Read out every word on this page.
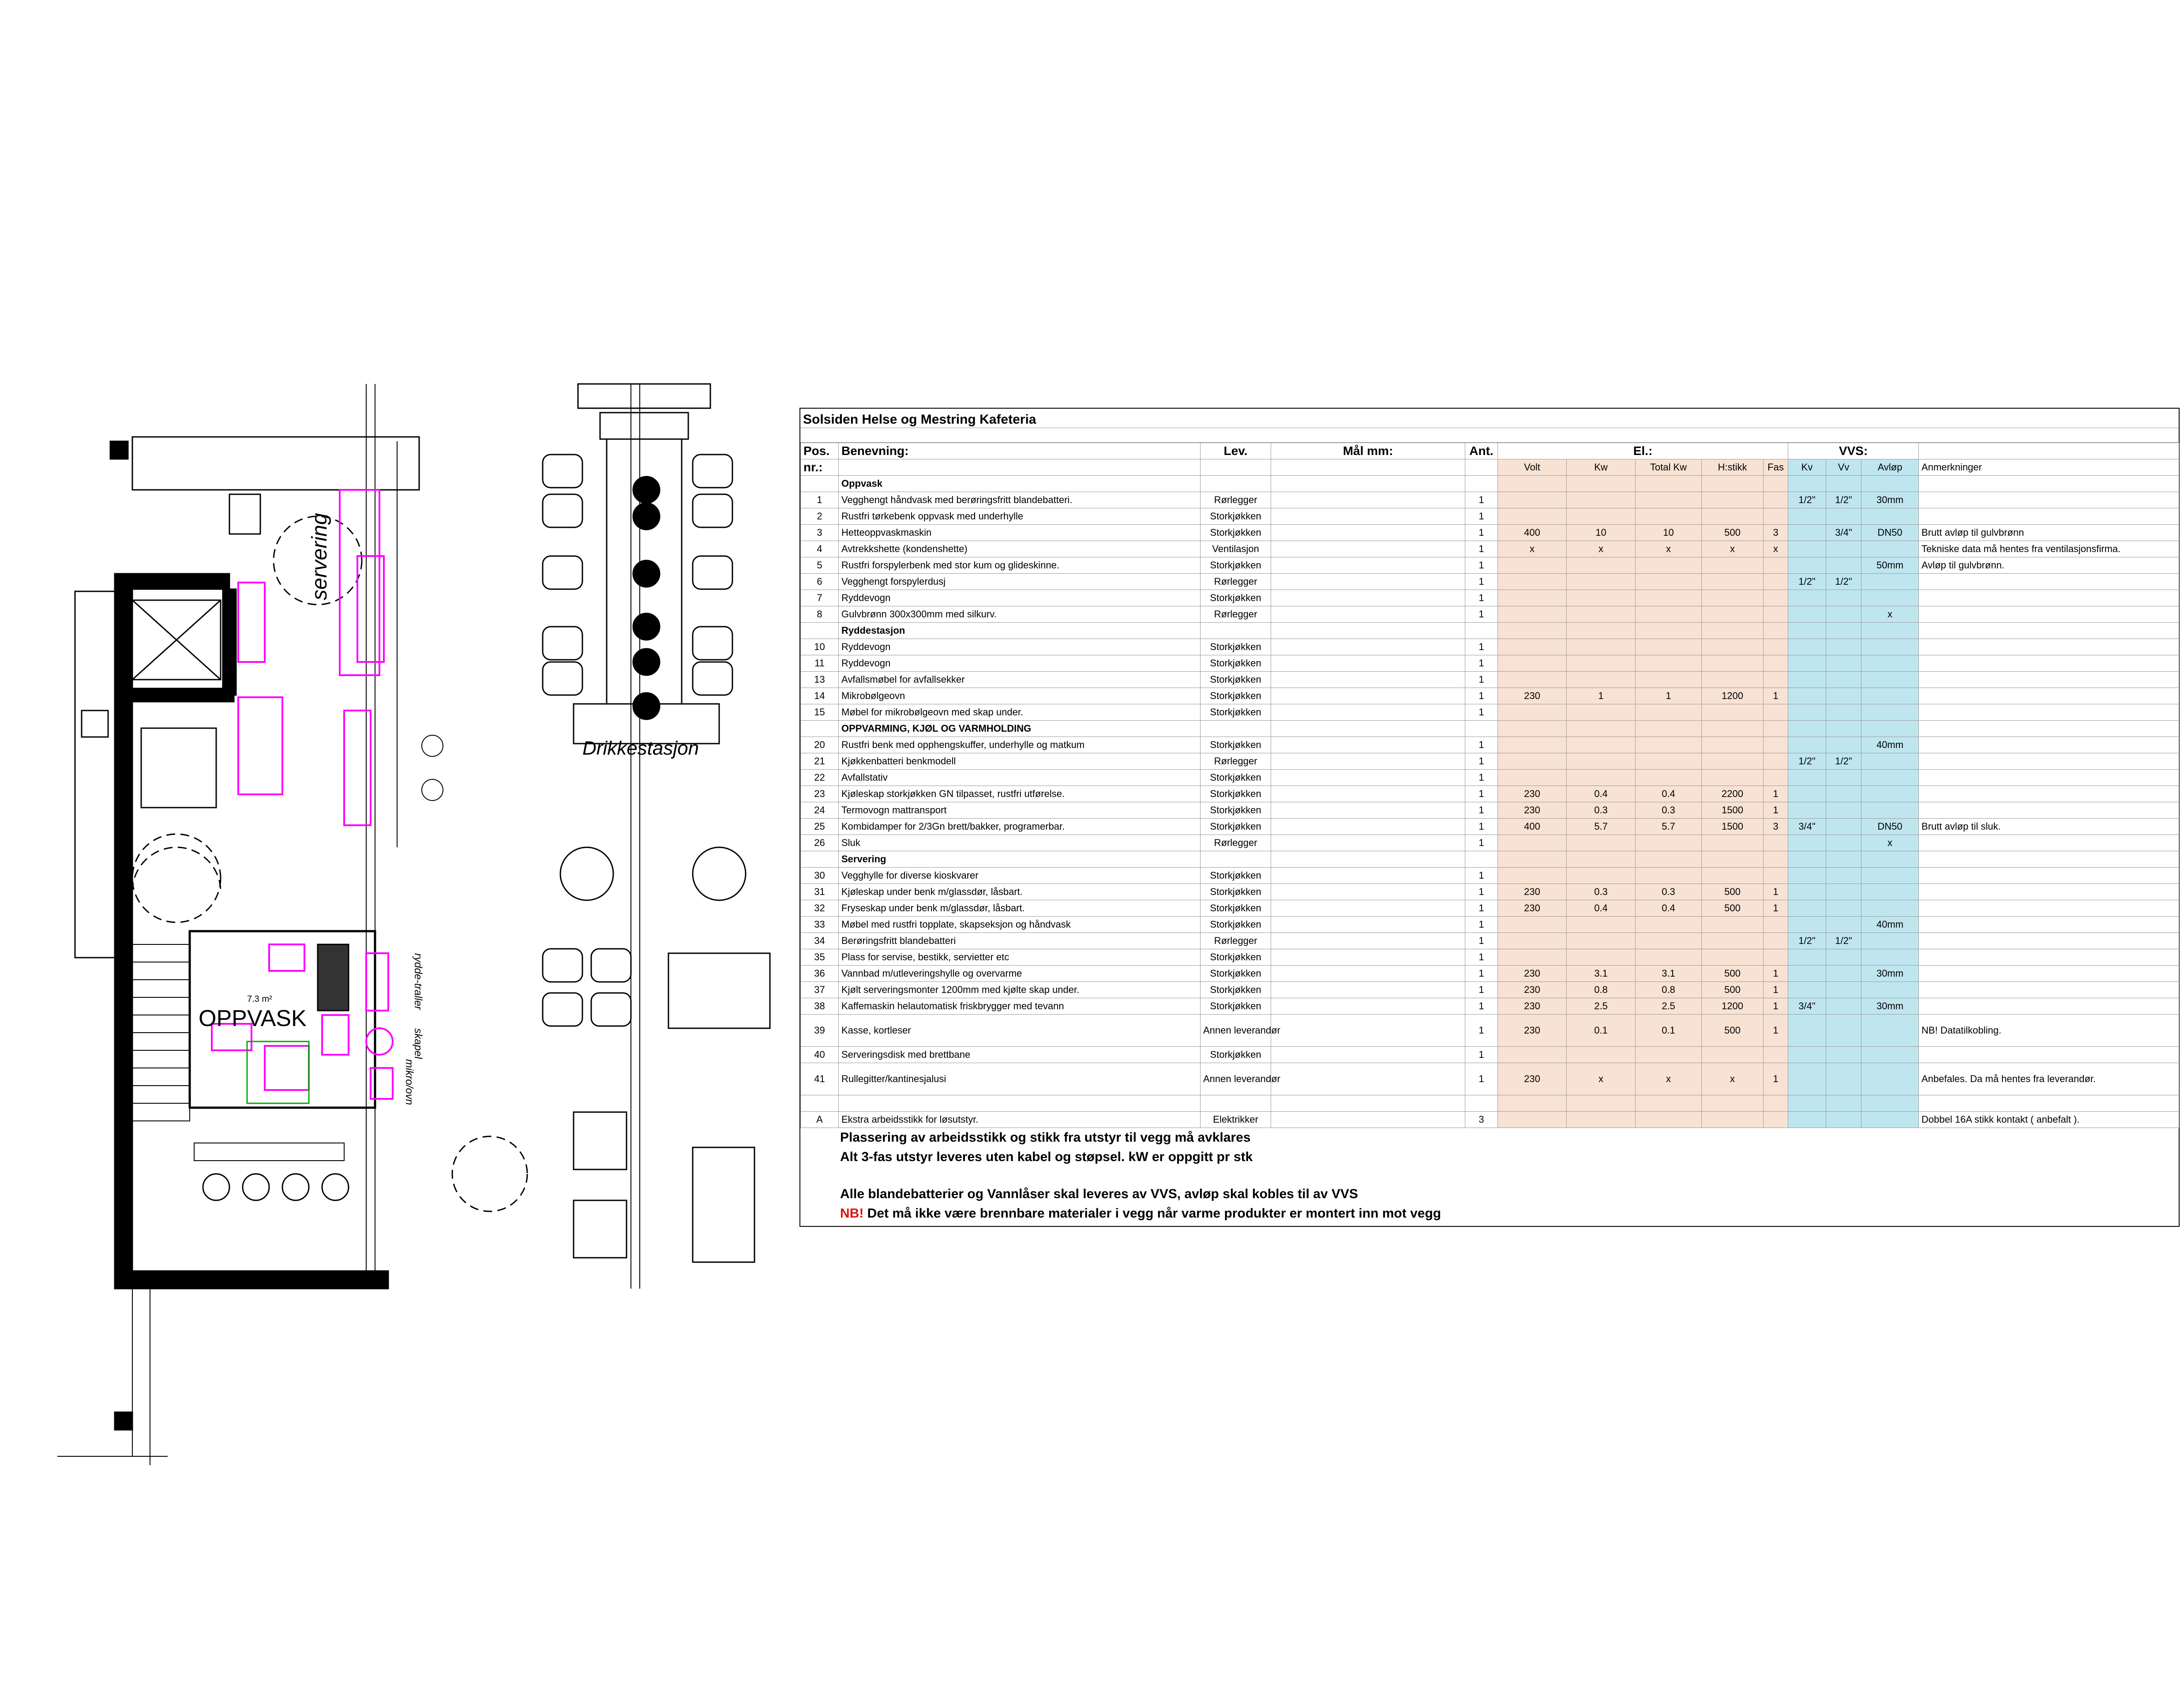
servering
OPPVASK
7.3 m²
Drikkestasjon
rydde-traller
skapel
mikro/ovn
Solsiden Helse og Mestring Kafeteria
Pos.	Benevning:	Lev.	Mål mm:	Ant.	El.:					VVS:			
nr.:					Volt	Kw	Total Kw	H:stikk	Fas	Kv	Vv	Avløp	Anmerkninger
	Oppvask												
1	Vegghengt håndvask med berøringsfritt blandebatteri.	Rørlegger		1						1/2"	1/2"	30mm	
2	Rustfri tørkebenk oppvask med underhylle	Storkjøkken		1									
3	Hetteoppvaskmaskin	Storkjøkken		1	400	10	10	500	3		3/4"	DN50	Brutt avløp til gulvbrønn
4	Avtrekkshette (kondenshette)	Ventilasjon		1	x	x	x	x	x				Tekniske data må hentes fra ventilasjonsfirma.
5	Rustfri forspylerbenk med stor kum og glideskinne.	Storkjøkken		1								50mm	Avløp til gulvbrønn.
6	Vegghengt forspylerdusj	Rørlegger		1						1/2"	1/2"		
7	Ryddevogn	Storkjøkken		1									
8	Gulvbrønn 300x300mm med silkurv.	Rørlegger		1								x	
	Ryddestasjon												
10	Ryddevogn	Storkjøkken		1									
11	Ryddevogn	Storkjøkken		1									
13	Avfallsmøbel for avfallsekker	Storkjøkken		1									
14	Mikrobølgeovn	Storkjøkken		1	230	1	1	1200	1				
15	Møbel for mikrobølgeovn med skap under.	Storkjøkken		1									
	OPPVARMING, KJØL OG VARMHOLDING												
20	Rustfri benk med opphengskuffer, underhylle og matkum	Storkjøkken		1								40mm	
21	Kjøkkenbatteri benkmodell	Rørlegger		1						1/2"	1/2"		
22	Avfallstativ	Storkjøkken		1									
23	Kjøleskap storkjøkken GN tilpasset, rustfri utførelse.	Storkjøkken		1	230	0.4	0.4	2200	1				
24	Termovogn mattransport	Storkjøkken		1	230	0.3	0.3	1500	1				
25	Kombidamper for 2/3Gn brett/bakker, programerbar.	Storkjøkken		1	400	5.7	5.7	1500	3	3/4"		DN50	Brutt avløp til sluk.
26	Sluk	Rørlegger		1								x	
	Servering												
30	Vegghylle for diverse kioskvarer	Storkjøkken		1									
31	Kjøleskap under benk m/glassdør, låsbart.	Storkjøkken		1	230	0.3	0.3	500	1				
32	Fryseskap under benk m/glassdør, låsbart.	Storkjøkken		1	230	0.4	0.4	500	1				
33	Møbel med rustfri topplate, skapseksjon og håndvask	Storkjøkken		1								40mm	
34	Berøringsfritt blandebatteri	Rørlegger		1						1/2"	1/2"		
35	Plass for servise, bestikk, servietter etc	Storkjøkken		1									
36	Vannbad m/utleveringshylle og overvarme	Storkjøkken		1	230	3.1	3.1	500	1			30mm	
37	Kjølt serveringsmonter 1200mm med kjølte skap under.	Storkjøkken		1	230	0.8	0.8	500	1				
38	Kaffemaskin helautomatisk friskbrygger med tevann	Storkjøkken		1	230	2.5	2.5	1200	1	3/4"		30mm	
39	Kasse, kortleser	Annen leverandør		1	230	0.1	0.1	500	1				NB! Datatilkobling.
40	Serveringsdisk med brettbane	Storkjøkken		1									
41	Rullegitter/kantinesjalusi	Annen leverandør		1	230	x	x	x	1				Anbefales. Da må hentes fra leverandør.

A	Ekstra arbeidsstikk for løsutstyr.	Elektrikker		3									Dobbel 16A stikk kontakt ( anbefalt ).
Plassering av arbeidsstikk og stikk fra utstyr til vegg må avklares
Alt 3-fas utstyr leveres uten kabel og støpsel. kW er oppgitt pr stk
Alle blandebatterier og Vannlåser skal leveres av VVS, avløp skal kobles til av VVS
NB! Det må ikke være brennbare materialer i vegg når varme produkter er montert inn mot vegg
